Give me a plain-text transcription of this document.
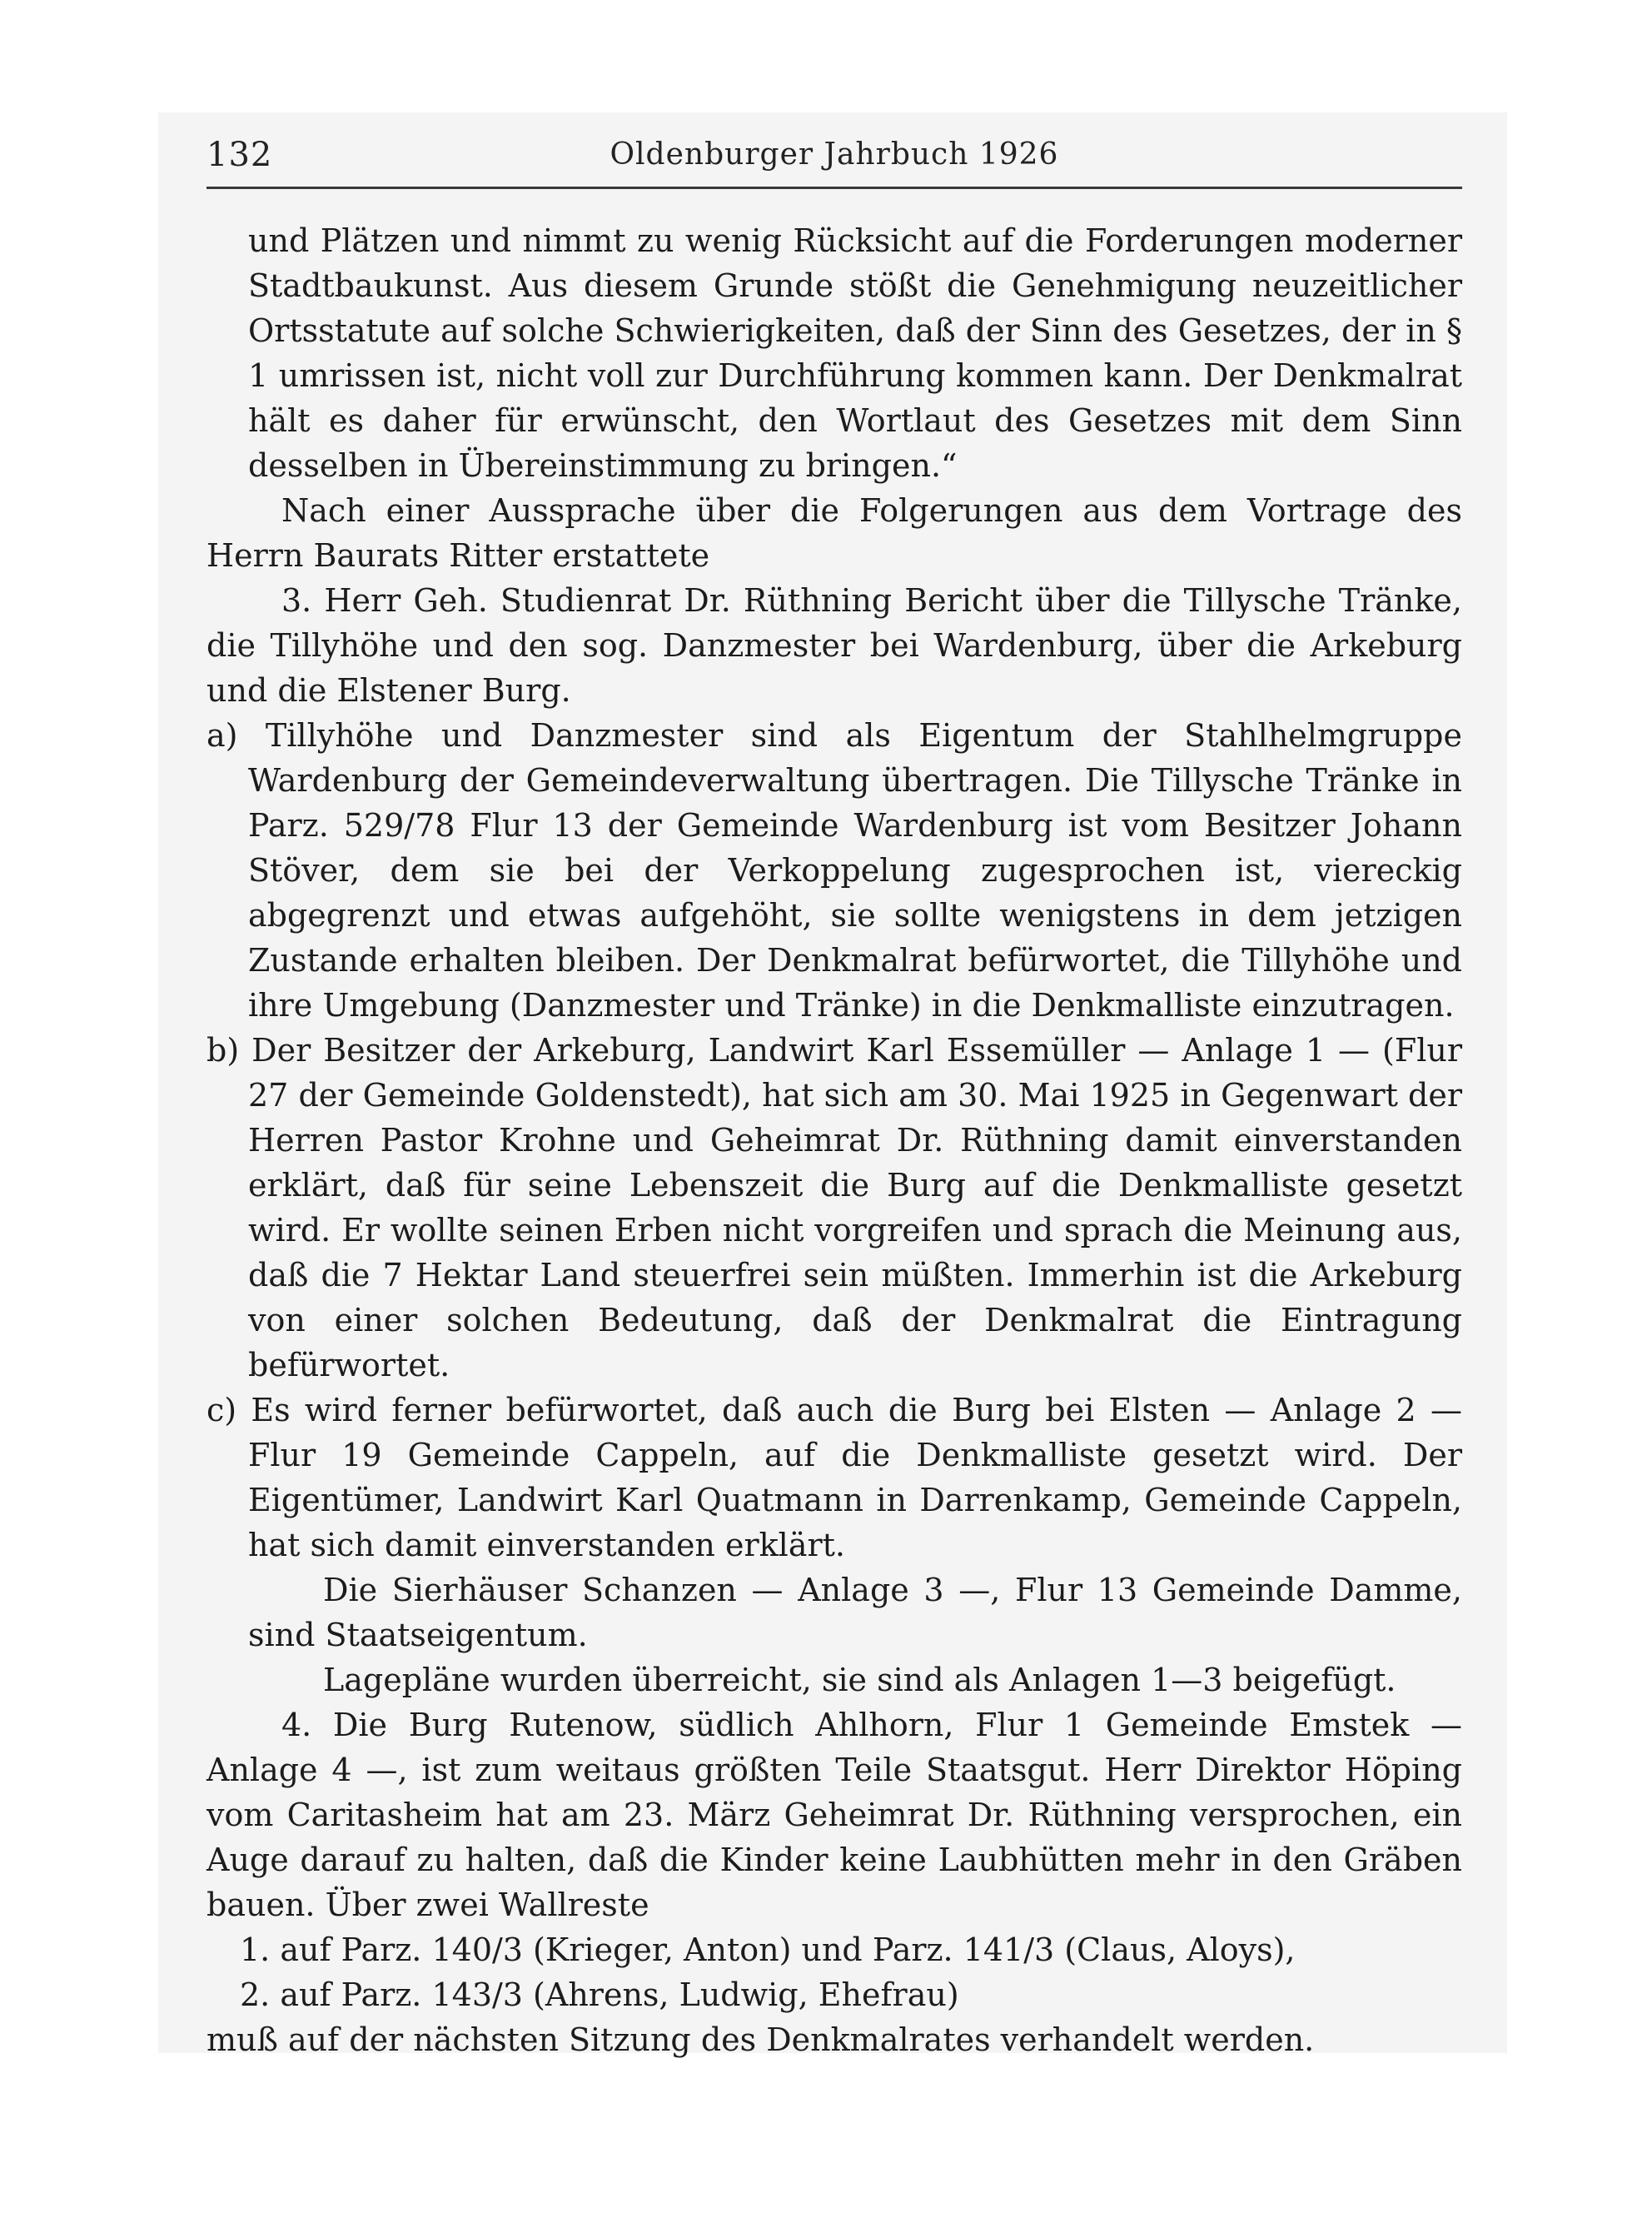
132	Oldenburger Jahrbuch 1926

und Plätzen und nimmt zu wenig Rücksicht auf die Forderungen moderner Stadtbaukunst. Aus diesem Grunde stößt die Genehmigung neuzeitlicher Ortsstatute auf solche Schwierigkeiten, daß der Sinn des Gesetzes, der in § 1 umrissen ist, nicht voll zur Durchführung kommen kann. Der Denkmalrat hält es daher für erwünscht, den Wortlaut des Gesetzes mit dem Sinn desselben in Übereinstimmung zu bringen.“

Nach einer Aussprache über die Folgerungen aus dem Vortrage des Herrn Baurats Ritter erstattete

3. Herr Geh. Studienrat Dr. Rüthning Bericht über die Tillysche Tränke, die Tillyhöhe und den sog. Danzmester bei Wardenburg, über die Arkeburg und die Elstener Burg.

a) Tillyhöhe und Danzmester sind als Eigentum der Stahlhelmgruppe Wardenburg der Gemeindeverwaltung übertragen. Die Tillysche Tränke in Parz. 529/78 Flur 13 der Gemeinde Wardenburg ist vom Besitzer Johann Stöver, dem sie bei der Verkoppelung zugesprochen ist, viereckig abgegrenzt und etwas aufgehöht, sie sollte wenigstens in dem jetzigen Zustande erhalten bleiben. Der Denkmalrat befürwortet, die Tillyhöhe und ihre Umgebung (Danzmester und Tränke) in die Denkmalliste einzutragen.

b) Der Besitzer der Arkeburg, Landwirt Karl Essemüller — Anlage 1 — (Flur 27 der Gemeinde Goldenstedt), hat sich am 30. Mai 1925 in Gegenwart der Herren Pastor Krohne und Geheimrat Dr. Rüthning damit einverstanden erklärt, daß für seine Lebenszeit die Burg auf die Denkmalliste gesetzt wird. Er wollte seinen Erben nicht vorgreifen und sprach die Meinung aus, daß die 7 Hektar Land steuerfrei sein müßten. Immerhin ist die Arkeburg von einer solchen Bedeutung, daß der Denkmalrat die Eintragung befürwortet.

c) Es wird ferner befürwortet, daß auch die Burg bei Elsten — Anlage 2 — Flur 19 Gemeinde Cappeln, auf die Denkmalliste gesetzt wird. Der Eigentümer, Landwirt Karl Quatmann in Darrenkamp, Gemeinde Cappeln, hat sich damit einverstanden erklärt.

Die Sierhäuser Schanzen — Anlage 3 —, Flur 13 Gemeinde Damme, sind Staatseigentum.

Lagepläne wurden überreicht, sie sind als Anlagen 1—3 beigefügt.

4. Die Burg Rutenow, südlich Ahlhorn, Flur 1 Gemeinde Emstek — Anlage 4 —, ist zum weitaus größten Teile Staatsgut. Herr Direktor Höping vom Caritasheim hat am 23. März Geheimrat Dr. Rüthning versprochen, ein Auge darauf zu halten, daß die Kinder keine Laubhütten mehr in den Gräben bauen. Über zwei Wallreste

1. auf Parz. 140/3 (Krieger, Anton) und Parz. 141/3 (Claus, Aloys),

2. auf Parz. 143/3 (Ahrens, Ludwig, Ehefrau)

muß auf der nächsten Sitzung des Denkmalrates verhandelt werden.
